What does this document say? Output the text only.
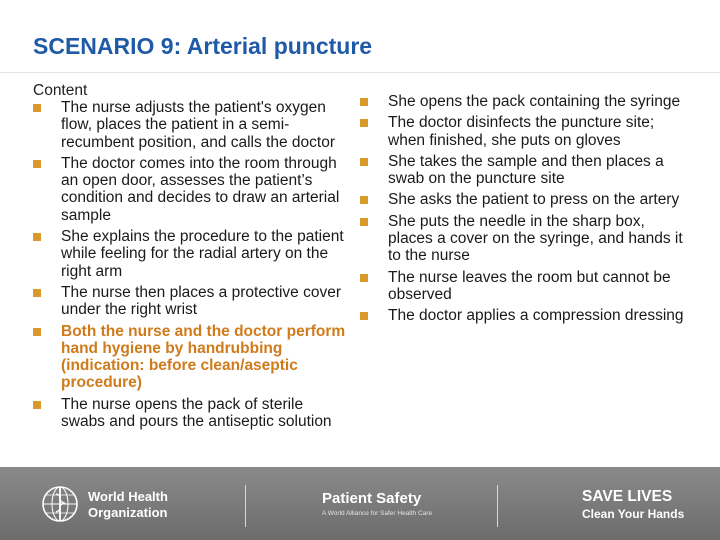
SCENARIO 9: Arterial puncture
Content
The nurse adjusts the patient's oxygen flow, places the patient in a semi-recumbent position, and calls the doctor
The doctor comes into the room through an open door, assesses the patient’s condition and decides to draw an arterial sample
She explains the procedure to the patient while feeling for the radial artery on the right arm
The nurse then places a protective cover under the right wrist
Both the nurse and the doctor perform hand hygiene by handrubbing (indication: before clean/aseptic procedure)
The nurse opens the pack of sterile swabs and pours the antiseptic solution
She opens the pack containing the syringe
The doctor disinfects the puncture site; when finished, she puts on gloves
She takes the sample and then places a swab on the puncture site
She asks the patient to press on the artery
She puts the needle in the sharp box, places a cover on the syringe, and hands it to the nurse
The nurse leaves the room but cannot be observed
The doctor applies a compression dressing
World Health
Organization
Patient Safety
A World Alliance for Safer Health Care
SAVE LIVES
Clean Your Hands
